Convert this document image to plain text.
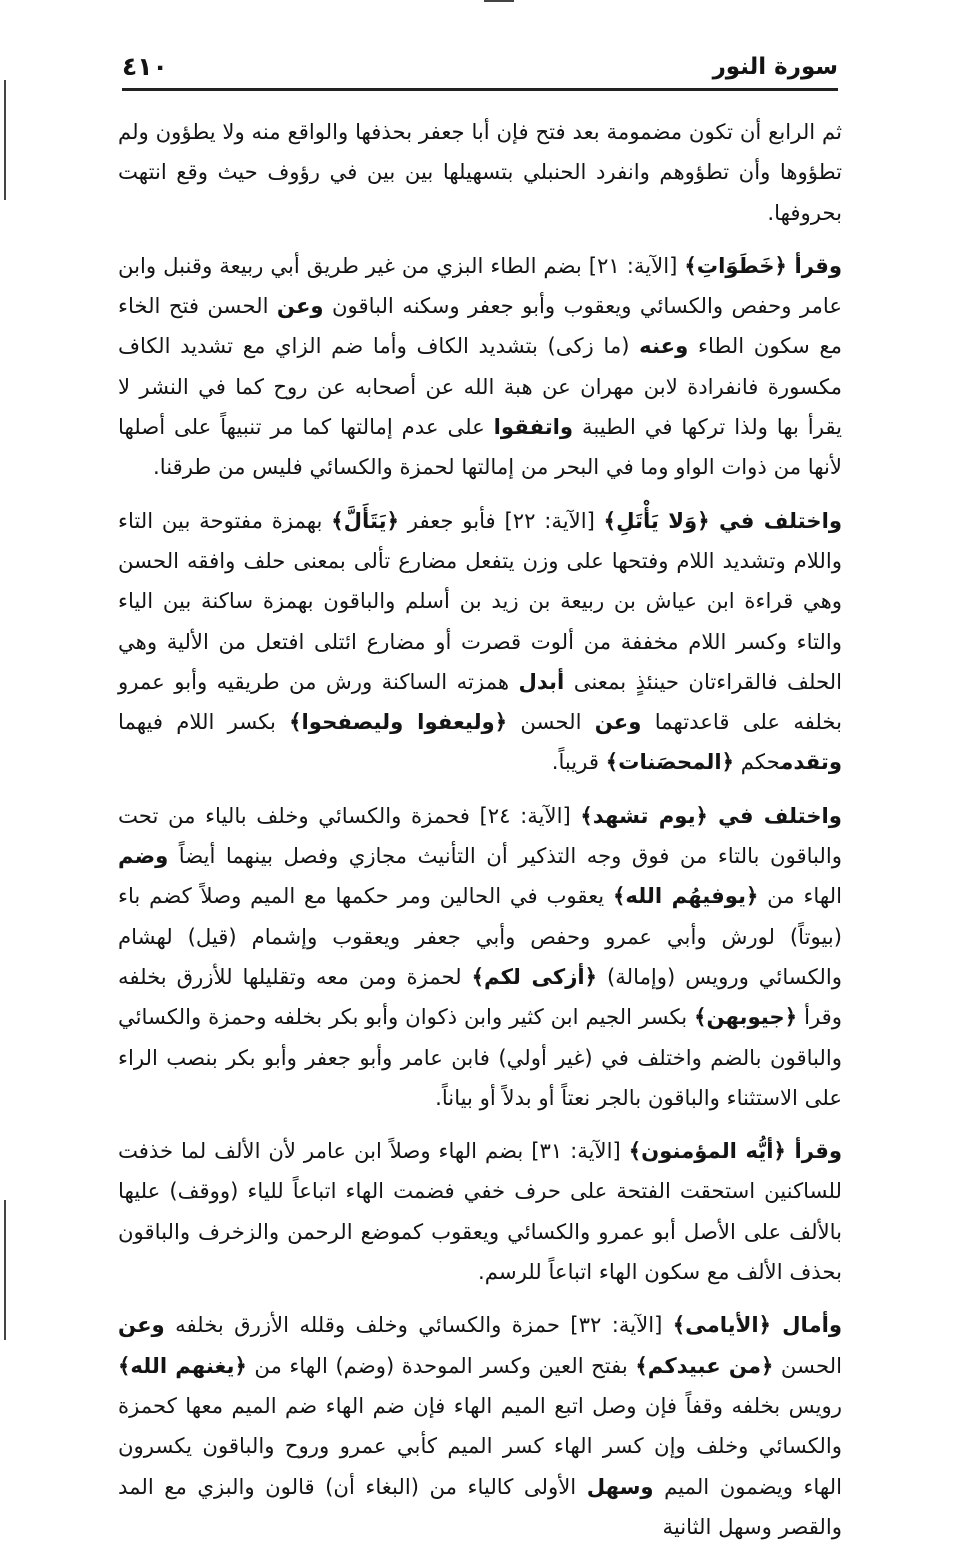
سورة النور
٤١٠

ثم الرابع أن تكون مضمومة بعد فتح فإن أبا جعفر بحذفها والواقع منه ولا يطؤون ولم تطؤوها وأن تطؤوهم وانفرد الحنبلي بتسهيلها بين بين في رؤوف حيث وقع انتهت بحروفها.

وقرأ ﴿خَطَوَاتِ﴾ [الآية: ٢١] بضم الطاء البزي من غير طريق أبي ربيعة وقنبل وابن عامر وحفص والكسائي ويعقوب وأبو جعفر وسكنه الباقون وعن الحسن فتح الخاء مع سكون الطاء وعنه (ما زكى) بتشديد الكاف وأما ضم الزاي مع تشديد الكاف مكسورة فانفرادة لابن مهران عن هبة الله عن أصحابه عن روح كما في النشر لا يقرأ بها ولذا تركها في الطيبة واتفقوا على عدم إمالتها كما مر تنبيهاً على أصلها لأنها من ذوات الواو وما في البحر من إمالتها لحمزة والكسائي فليس من طرقنا.

واختلف في ﴿وَلا يَأْتَلِ﴾ [الآية: ٢٢] فأبو جعفر ﴿يَتَأَلَّ﴾ بهمزة مفتوحة بين التاء واللام وتشديد اللام وفتحها على وزن يتفعل مضارع تألى بمعنى حلف وافقه الحسن وهي قراءة ابن عياش بن ربيعة بن زيد بن أسلم والباقون بهمزة ساكنة بين الياء والتاء وكسر اللام مخففة من ألوت قصرت أو مضارع ائتلى افتعل من الألية وهي الحلف فالقراءتان حينئذٍ بمعنى أبدل همزته الساكنة ورش من طريقيه وأبو عمرو بخلفه على قاعدتهما وعن الحسن ﴿وليعفوا وليصفحوا﴾ بكسر اللام فيهما وتقدمحكم ﴿المحصَنات﴾ قريباً.

واختلف في ﴿يوم تشهد﴾ [الآية: ٢٤] فحمزة والكسائي وخلف بالياء من تحت والباقون بالتاء من فوق وجه التذكير أن التأنيث مجازي وفصل بينهما أيضاً وضم الهاء من ﴿يوفيهُم الله﴾ يعقوب في الحالين ومر حكمها مع الميم وصلاً كضم باء (بيوتاً) لورش وأبي عمرو وحفص وأبي جعفر ويعقوب وإشمام (قيل) لهشام والكسائي ورويس (وإمالة) ﴿أزكى لكم﴾ لحمزة ومن معه وتقليلها للأزرق بخلفه وقرأ ﴿جيوبهن﴾ بكسر الجيم ابن كثير وابن ذكوان وأبو بكر بخلفه وحمزة والكسائي والباقون بالضم واختلف في (غير أولي) فابن عامر وأبو جعفر وأبو بكر بنصب الراء على الاستثناء والباقون بالجر نعتاً أو بدلاً أو بياناً.

وقرأ ﴿أيُّه المؤمنون﴾ [الآية: ٣١] بضم الهاء وصلاً ابن عامر لأن الألف لما خذفت للساكنين استحقت الفتحة على حرف خفي فضمت الهاء اتباعاً للياء (ووقف) عليها بالألف على الأصل أبو عمرو والكسائي ويعقوب كموضع الرحمن والزخرف والباقون بحذف الألف مع سكون الهاء اتباعاً للرسم.

وأمال ﴿الأيامى﴾ [الآية: ٣٢] حمزة والكسائي وخلف وقلله الأزرق بخلفه وعن الحسن ﴿من عبيدكم﴾ بفتح العين وكسر الموحدة (وضم) الهاء من ﴿يغنهم الله﴾ رويس بخلفه وقفاً فإن وصل اتبع الميم الهاء فإن ضم الهاء ضم الميم معها كحمزة والكسائي وخلف وإن كسر الهاء كسر الميم كأبي عمرو وروح والباقون يكسرون الهاء ويضمون الميم وسهل الأولى كالياء من (البغاء أن) قالون والبزي مع المد والقصر وسهل الثانية
